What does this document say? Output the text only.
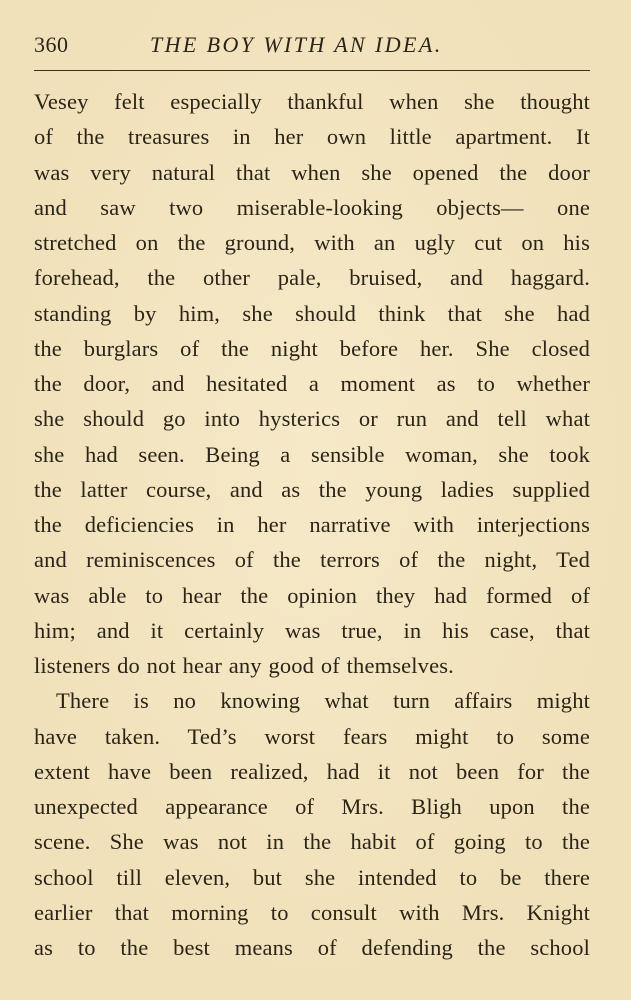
360	THE BOY WITH AN IDEA.
Vesey felt especially thankful when she thought
of the treasures in her own little apartment. It
was very natural that when she opened the door
and saw two miserable-looking objects— one
stretched on the ground, with an ugly cut on his
forehead, the other pale, bruised, and haggard.
standing by him, she should think that she had
the burglars of the night before her. She closed
the door, and hesitated a moment as to whether
she should go into hysterics or run and tell what
she had seen. Being a sensible woman, she took
the latter course, and as the young ladies supplied
the deficiencies in her narrative with interjections
and reminiscences of the terrors of the night, Ted
was able to hear the opinion they had formed of
him; and it certainly was true, in his case, that
listeners do not hear any good of themselves.
There is no knowing what turn affairs might
have taken. Ted’s worst fears might to some
extent have been realized, had it not been for the
unexpected appearance of Mrs. Bligh upon the
scene. She was not in the habit of going to the
school till eleven, but she intended to be there
earlier that morning to consult with Mrs. Knight
as to the best means of defending the school
